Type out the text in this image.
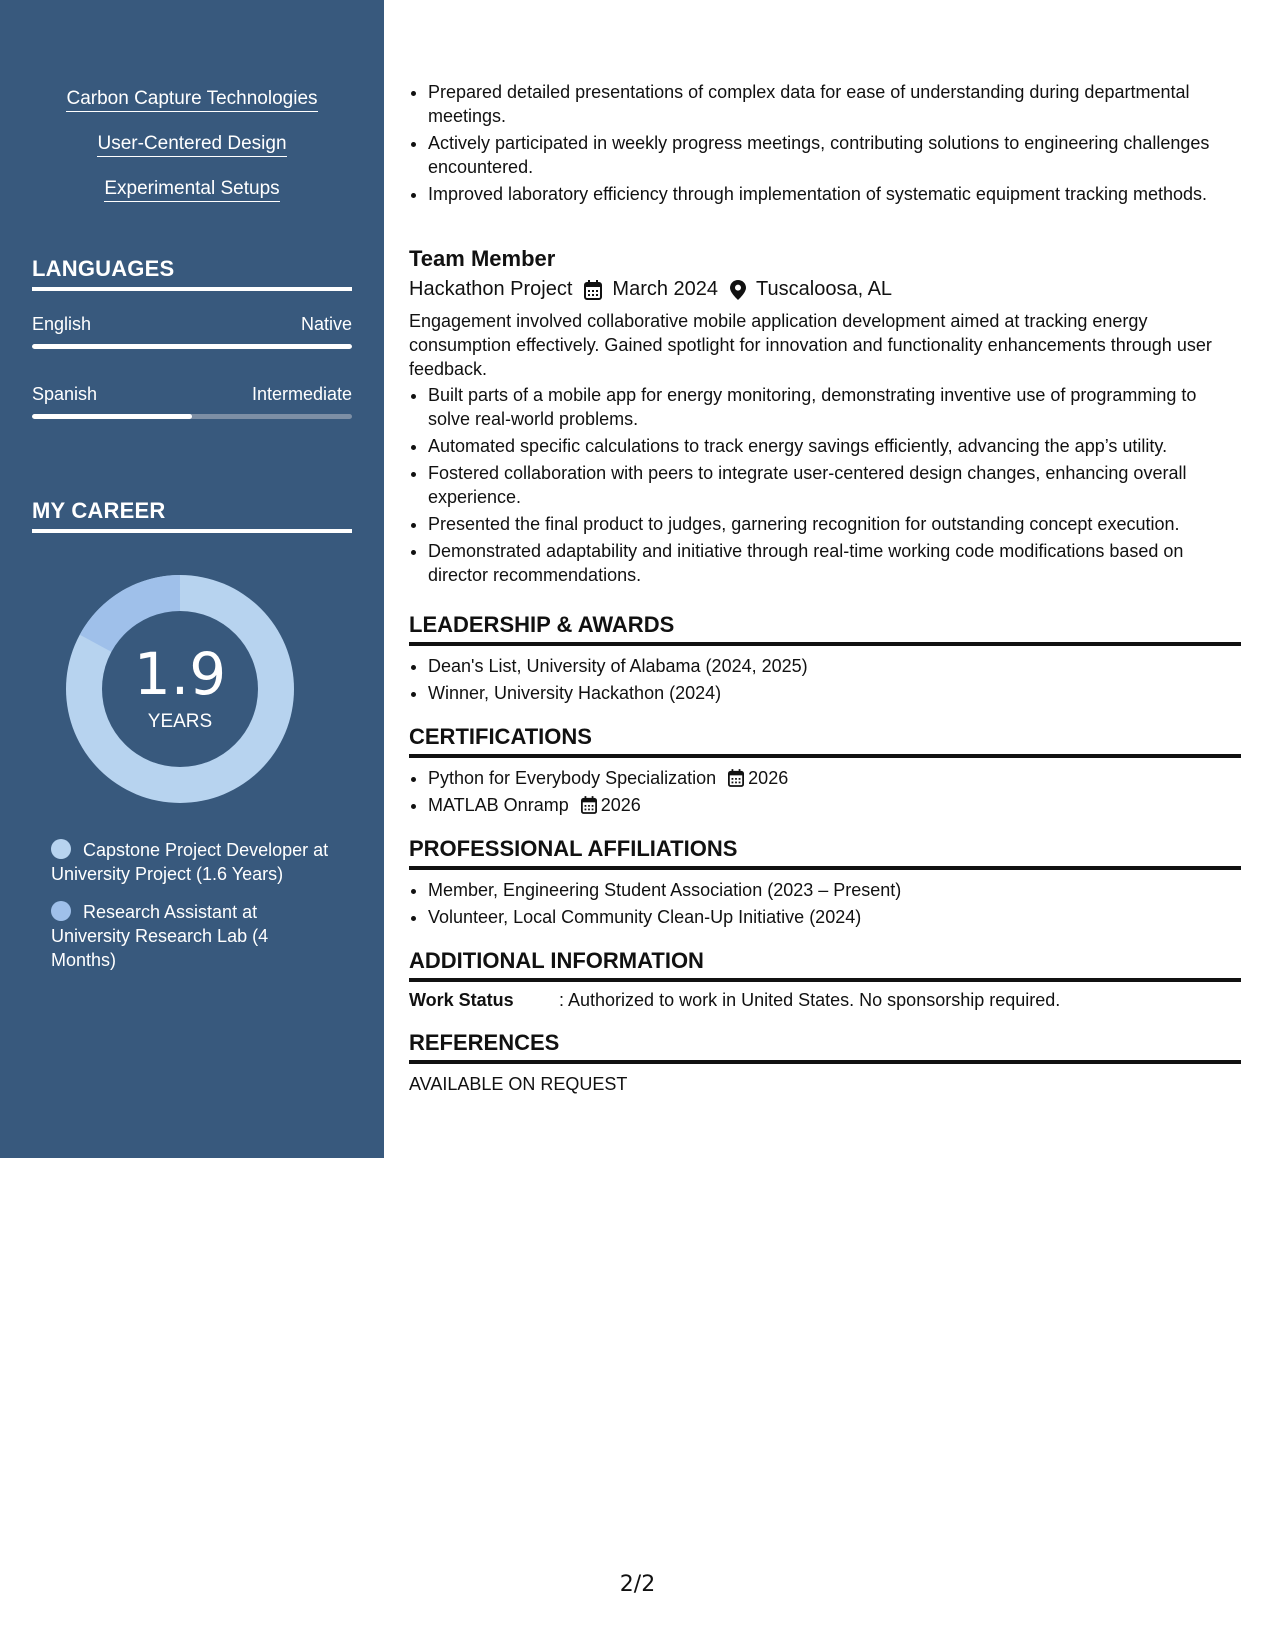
Carbon Capture Technologies
User-Centered Design
Experimental Setups
LANGUAGES
English	Native
Spanish	Intermediate
MY CAREER
1.9
YEARS
Capstone Project Developer at University Project (1.6 Years)
Research Assistant at University Research Lab (4 Months)
• Prepared detailed presentations of complex data for ease of understanding during departmental meetings.
• Actively participated in weekly progress meetings, contributing solutions to engineering challenges encountered.
• Improved laboratory efficiency through implementation of systematic equipment tracking methods.
Team Member
Hackathon Project March 2024 Tuscaloosa, AL
Engagement involved collaborative mobile application development aimed at tracking energy consumption effectively. Gained spotlight for innovation and functionality enhancements through user feedback.
• Built parts of a mobile app for energy monitoring, demonstrating inventive use of programming to solve real-world problems.
• Automated specific calculations to track energy savings efficiently, advancing the app’s utility.
• Fostered collaboration with peers to integrate user-centered design changes, enhancing overall experience.
• Presented the final product to judges, garnering recognition for outstanding concept execution.
• Demonstrated adaptability and initiative through real-time working code modifications based on director recommendations.
LEADERSHIP & AWARDS
• Dean's List, University of Alabama (2024, 2025)
• Winner, University Hackathon (2024)
CERTIFICATIONS
• Python for Everybody Specialization 2026
• MATLAB Onramp 2026
PROFESSIONAL AFFILIATIONS
• Member, Engineering Student Association (2023 – Present)
• Volunteer, Local Community Clean-Up Initiative (2024)
ADDITIONAL INFORMATION
Work Status	: Authorized to work in United States. No sponsorship required.
REFERENCES
AVAILABLE ON REQUEST
2/2
